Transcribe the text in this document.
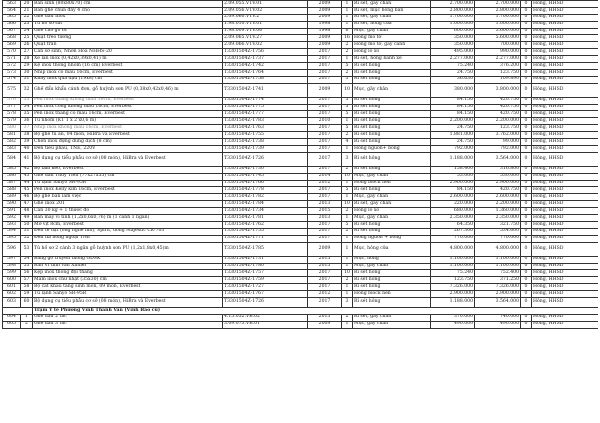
563	20	Bàn sinh (80x80x70) cm	2.09.055.VTV.01	2009	1	Rỉ sét, gãy chân	2.700.000	2.700.000	0	Hỏng, HHSD
564	21	Bàn ghế chưa đầy 4 chỗ	2.09.056.VTV.02	2009	1	Rỉ sét, mục hỏng bản	2.800.000	2.800.000	0	Hỏng, HHSD
565	22	Ghế dẫu Inox	2.09.060.VTV.2	2009	1	Rỉ sét, gãy chân	1.700.000	1.700.000	0	Hỏng, HHSD
566	23	Tủ hồ sơ sắt	1.98.010.VTV.01	1998	1	Rỉ sét, hỏng cửa	1.000.000	1.000.000	0	Hỏng, HHSD
567	24	Ghế chờ gỗ 6c	1.98.009.VTV.06	1998	6	Mục, gãy chân	600.000	3.600.000	0	Hỏng, HHSD
568	25	Quạt treo tường	2.09.065.VTV.27	2009	16	Hỏng mô tơ	350.000	5.600.000	0	Hỏng, HHSD
569	26	Quạt trần	2.09.066.VTV.02	2009	2	Hỏng mô tơ, gãy cánh	350.000	700.000	0	Hỏng, HHSD
570	27	Cân sơ sinh, Nhơn Hòa NHHS-20	T3301504Z-1756	2017	2	Hỏng lò xo	495.000	990.000	0	Hỏng, HHSD
571	28	Xe lăn inox (0,42x0,39x0,41) m	T3301504Z-1737	2017	1	Rỉ sét, hỏng bánh xe	2.277.000	2.277.000	0	Hỏng, HHSD
572	29	Kệ inox thông nhôm (16 cm) Everbest	T3301504Z-1742	2017	5	Rỉ sét hỏng	75.240	376.200	0	Hỏng, HHSD
573	30	Nhíp inox có mấu 16cm, Everbest	T3301504Z-1764	2017	2	Rỉ sét hỏng	24.750	123.750	0	Hỏng, HHSD
574	31	Khay inox quả đậu (19x8) cm	T3301504Z-1758	2017	3	Rỉ sét hỏng	36.630	109.890	0	Hỏng, HHSD
575	32	Ghế đẩu khẩu cánh đơn, gỗ huỳnh sơn PU (0,38x0,42x0,46) m	T3301504Z-1741	2009	10	Mục, gãy chân	380.000	3.800.000	0	Hỏng, HHSD
576	33	Pen inox thẳng không mấu 16cm, Everbest	T3301504Z-1774	2017	5	Rỉ sét hỏng	84.150	420.750	0	Hỏng, HHSD
577	34	Pen inox cong không mấu 16cm, Everbest	T3301504Z-1775	2017	5	Rỉ sét hỏng	84.150	420.750	0	Hỏng, HHSD
578	35	Pen inox thẳng có mấu 16cm, Everbest	T3301504Z-1777	2017	5	Rỉ sét hỏng	84.150	420.750	0	Hỏng, HHSD
579	36	Tủ nhôm (KT 1 x 2 x0,6 m)	T3301504Z-1783	2010	1	Rỉ sét hỏng	2.200.000	2.200.000	0	Hỏng, HHSD
580	37	Nhíp inox không mấu 16cm, Everbest	T3301504Z-1763	2017	5	Rỉ sét hỏng	24.750	123.750	0	Hỏng, HHSD
581	38	Bộ ghế tủ ăn, 04 món, HiBra và Everbest	T3301504Z-1755	2017	2	Rỉ sét hỏng	1.881.000	3.762.000	0	Hỏng, HHSD
582	39	Chén inox đựng dung dịch (8 cm)	T3301504Z-1738	2017	4	Rỉ sét hỏng	24.750	99.000	0	Hỏng, HHSD
583	40	Đèn tiểu phẫu, TNE, 220V	T3301504Z-1739	2017	1	Hỏng nguồn+ bóng	792.000	792.000	0	Hỏng, HHSD
584	41	Bộ dụng cụ tiểu phẫu cơ sở (08 món), HiBra và Everbest	T3301504Z-1726	2017	3	Rỉ sét hỏng	1.188.000	3.564.000	0	Hỏng, HHSD
585	42	Bộ lam kéo, Everbest	T3301504Z-1730	2017	2	Rỉ sét hỏng	158.400	316.800	0	Hỏng, HHSD
586	43	Ghế dằn Thủy Tiến (77x27x55) cm	T3301504Z-1745	2014	10	Mục, gãy chân	53.000	530.000	0	Hỏng, HHSD
587	44	Tủ lạnh Sanyo SR-95R	T3301504Z-1766	2012	1	Hỏng block nén	2.900.000	2.900.000	0	Hỏng, HHSD
588	45	Pen inox Kelly kim 16cm, Everbest	T3301504Z-1778	2017	5	Rỉ sét hỏng	84.150	420.750	0	Hỏng, HHSD
589	46	Bộ ghế bàn làm việc	T3301504Z-1782	2017	1	Mục, gãy chân	2.600.000	2.600.000	0	Hỏng, HHSD
590	47	Ghế inox 201	T3301504Z-1784	2013	10	Rỉ sét, gãy chân	220.000	2.200.000	0	Hỏng, HHSD
591	48	Cân 30 kg + 1 thước đo	T3301504Z-1734	2015	2	Hỏng lò xo	680.000	1.360.000	0	Hỏng, HHSD
592	49	Bàn máy vi tính (1,2x0,6x0,76) m (1 cánh 1 ngăn)	T3301504Z-1781	2013	1	Mục, gãy chân	2.350.000	2.350.000	0	Hỏng, HHSD
593	50	Mở vịt 8cm, Everbest	T3301504Z-1762	2017	5	Rỉ sét hỏng	64.350	321.750	0	Hỏng, HHSD
594	51	Đèn tế đạt (ống nghe nhi), Spirit, dòng Majestic CK-703	T3301504Z-1755	2017	2	Rỉ sét hỏng	267.300	534.600	0	Hỏng, HHSD
595	52	Đèn tia hồng ngoại TNE	T3301504Z-1771	2017	1	Hỏng nguồn + bóng	770.000	770.000	0	Hỏng, HHSD
596	53	Tủ hồ sơ 2 cánh 3 ngăn gỗ huỳnh sơn PU (1,2x1,8x0,45)m	T3301504Z-1785	2009	1	Mục, hỏng cửa	4.800.000	4.800.000	0	Hỏng, HHSD
597	54	Bảng gỗ truyền thông GDSK	T3301504Z-1731	2015	1	Mục, hỏng	1.100.000	1.100.000	0	Hỏng, HHSD
598	55	Bàn Vi tính văn Xinnel	T3301504Z-1780	2015	1	Mục, gãy chân	1.100.000	1.100.000	0	Hỏng, HHSD
599	56	Kẹp inox thông đội thẳng	T3301504Z-1757	2017	10	Rỉ sét hỏng	75.240	752.400	0	Hỏng, HHSD
600	57	Mâm inox chữ nhật (35x30) cm	T3301504Z-1759	2017	2	Rỉ sét hỏng	123.750	371.250	0	Hỏng, HHSD
601	58	Bộ cắt khâu tầng sinh môn, 09 món, Everbest	T3301504Z-1727	2017	1	Rỉ sét hỏng	7.326.000	7.326.000	0	Hỏng, HHSD
602	59	Tủ lạnh Sanyo SR-95R	T3301504Z-1767	2012	1	Hỏng block nén	2.900.000	2.900.000	0	Hỏng, HHSD
603	60	Bộ dụng cụ tiểu phẫu cơ sở (08 món), HiBra và Everbest	T3301504Z-1726	2017	3	Rỉ sét hỏng	1.188.000	3.564.000	0	Hỏng, HHSD
		Trạm Y tế Phường Vĩnh Thanh Vân (Vĩnh Bảo cũ)								
604	1	Ghế dẫu 2 thc	4.15.052.VB.02	2015	2	Rỉ sét, gãy chân	370.000	740.000	0	Hỏng, HHSD
605	2	Ghế dẫu 3 thc	3.09.073.VB.01	2009	1	Mục, gãy chân	490.000	490.000	0	Hỏng, HHSD
